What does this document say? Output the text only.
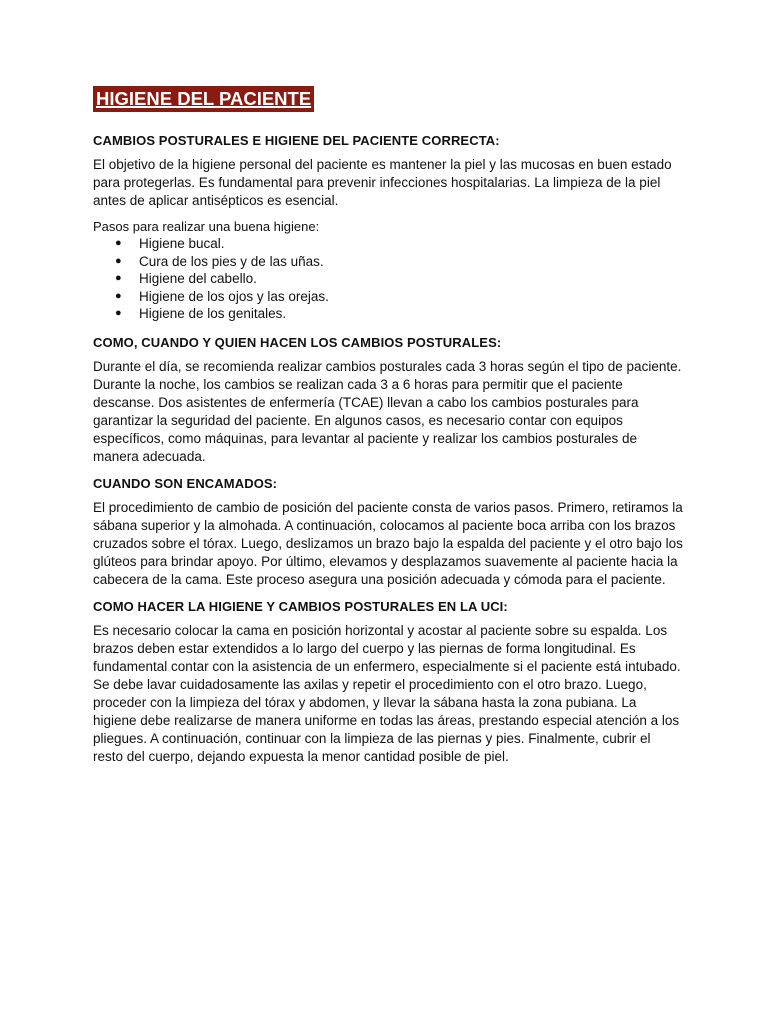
HIGIENE DEL PACIENTE
CAMBIOS POSTURALES E HIGIENE DEL PACIENTE CORRECTA:

El objetivo de la higiene personal del paciente es mantener la piel y las mucosas en buen estado para protegerlas. Es fundamental para prevenir infecciones hospitalarias. La limpieza de la piel antes de aplicar antisépticos es esencial.

Pasos para realizar una buena higiene:

● Higiene bucal.
● Cura de los pies y de las uñas.
● Higiene del cabello.
● Higiene de los ojos y las orejas.
● Higiene de los genitales.
COMO, CUANDO Y QUIEN HACEN LOS CAMBIOS POSTURALES:

Durante el día, se recomienda realizar cambios posturales cada 3 horas según el tipo de paciente. Durante la noche, los cambios se realizan cada 3 a 6 horas para permitir que el paciente descanse. Dos asistentes de enfermería (TCAE) llevan a cabo los cambios posturales para garantizar la seguridad del paciente. En algunos casos, es necesario contar con equipos específicos, como máquinas, para levantar al paciente y realizar los cambios posturales de manera adecuada.

CUANDO SON ENCAMADOS:

El procedimiento de cambio de posición del paciente consta de varios pasos. Primero, retiramos la sábana superior y la almohada. A continuación, colocamos al paciente boca arriba con los brazos cruzados sobre el tórax. Luego, deslizamos un brazo bajo la espalda del paciente y el otro bajo los glúteos para brindar apoyo. Por último, elevamos y desplazamos suavemente al paciente hacia la cabecera de la cama. Este proceso asegura una posición adecuada y cómoda para el paciente.

COMO HACER LA HIGIENE Y CAMBIOS POSTURALES EN LA UCI:

Es necesario colocar la cama en posición horizontal y acostar al paciente sobre su espalda. Los brazos deben estar extendidos a lo largo del cuerpo y las piernas de forma longitudinal. Es fundamental contar con la asistencia de un enfermero, especialmente si el paciente está intubado. Se debe lavar cuidadosamente las axilas y repetir el procedimiento con el otro brazo. Luego, proceder con la limpieza del tórax y abdomen, y llevar la sábana hasta la zona pubiana. La higiene debe realizarse de manera uniforme en todas las áreas, prestando especial atención a los pliegues. A continuación, continuar con la limpieza de las piernas y pies. Finalmente, cubrir el resto del cuerpo, dejando expuesta la menor cantidad posible de piel.
